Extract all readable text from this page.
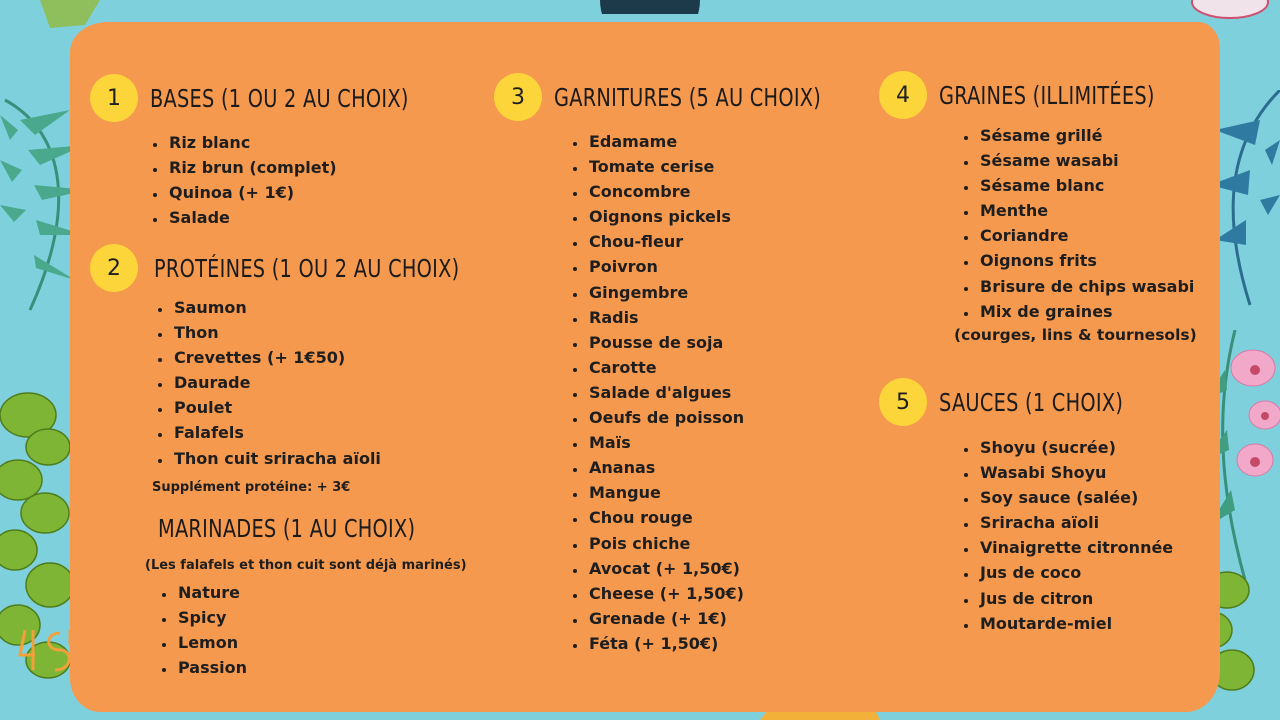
1	BASES (1 OU 2 AU CHOIX)
• Riz blanc
• Riz brun (complet)
• Quinoa (+ 1€)
• Salade
2	PROTÉINES (1 OU 2 AU CHOIX)
• Saumon
• Thon
• Crevettes (+ 1€50)
• Daurade
• Poulet
• Falafels
• Thon cuit sriracha aïoli
Supplément protéine: + 3€
MARINADES (1 AU CHOIX)
(Les falafels et thon cuit sont déjà marinés)
• Nature
• Spicy
• Lemon
• Passion
3	GARNITURES (5 AU CHOIX)
• Edamame
• Tomate cerise
• Concombre
• Oignons pickels
• Chou-fleur
• Poivron
• Gingembre
• Radis
• Pousse de soja
• Carotte
• Salade d'algues
• Oeufs de poisson
• Maïs
• Ananas
• Mangue
• Chou rouge
• Pois chiche
• Avocat (+ 1,50€)
• Cheese (+ 1,50€)
• Grenade (+ 1€)
• Féta (+ 1,50€)
4	GRAINES (ILLIMITÉES)
• Sésame grillé
• Sésame wasabi
• Sésame blanc
• Menthe
• Coriandre
• Oignons frits
• Brisure de chips wasabi
• Mix de graines
(courges, lins & tournesols)
5	SAUCES (1 CHOIX)
• Shoyu (sucrée)
• Wasabi Shoyu
• Soy sauce (salée)
• Sriracha aïoli
• Vinaigrette citronnée
• Jus de coco
• Jus de citron
• Moutarde-miel
